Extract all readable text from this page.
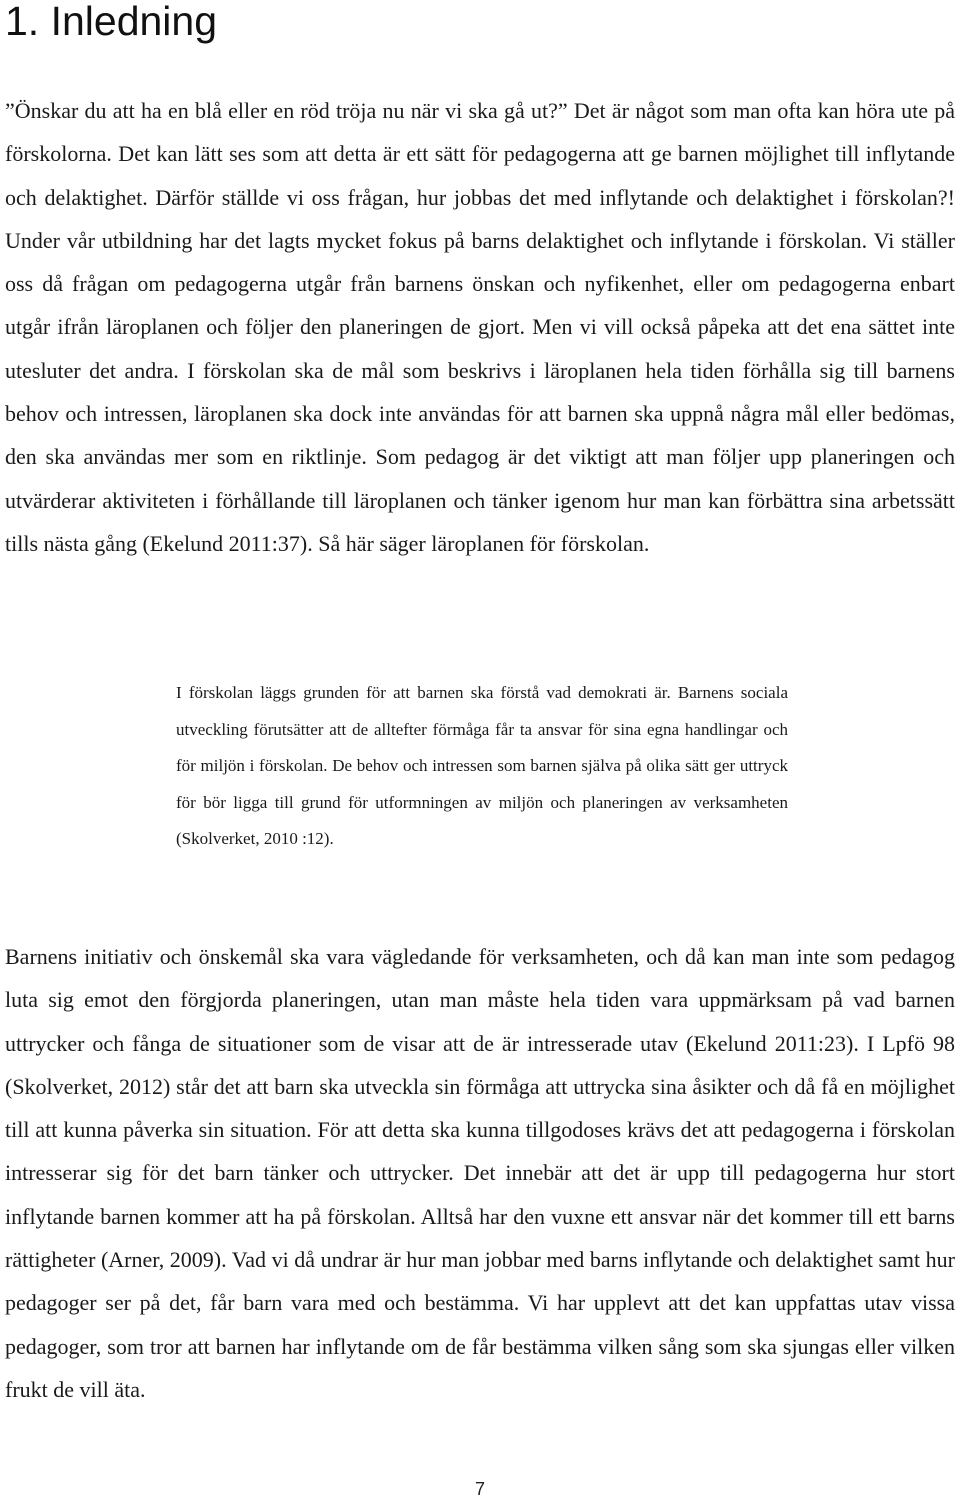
1. Inledning

”Önskar du att ha en blå eller en röd tröja nu när vi ska gå ut?” Det är något som man ofta kan höra ute på förskolorna. Det kan lätt ses som att detta är ett sätt för pedagogerna att ge barnen möjlighet till inflytande och delaktighet. Därför ställde vi oss frågan, hur jobbas det med inflytande och delaktighet i förskolan?! Under vår utbildning har det lagts mycket fokus på barns delaktighet och inflytande i förskolan. Vi ställer oss då frågan om pedagogerna utgår från barnens önskan och nyfikenhet, eller om pedagogerna enbart utgår ifrån läroplanen och följer den planeringen de gjort. Men vi vill också påpeka att det ena sättet inte utesluter det andra. I förskolan ska de mål som beskrivs i läroplanen hela tiden förhålla sig till barnens behov och intressen, läroplanen ska dock inte användas för att barnen ska uppnå några mål eller bedömas, den ska användas mer som en riktlinje. Som pedagog är det viktigt att man följer upp planeringen och utvärderar aktiviteten i förhållande till läroplanen och tänker igenom hur man kan förbättra sina arbetssätt tills nästa gång (Ekelund 2011:37). Så här säger läroplanen för förskolan.

I förskolan läggs grunden för att barnen ska förstå vad demokrati är. Barnens sociala utveckling förutsätter att de alltefter förmåga får ta ansvar för sina egna handlingar och för miljön i förskolan. De behov och intressen som barnen själva på olika sätt ger uttryck för bör ligga till grund för utformningen av miljön och planeringen av verksamheten (Skolverket, 2010 :12).

Barnens initiativ och önskemål ska vara vägledande för verksamheten, och då kan man inte som pedagog luta sig emot den förgjorda planeringen, utan man måste hela tiden vara uppmärksam på vad barnen uttrycker och fånga de situationer som de visar att de är intresserade utav (Ekelund 2011:23). I Lpfö 98 (Skolverket, 2012) står det att barn ska utveckla sin förmåga att uttrycka sina åsikter och då få en möjlighet till att kunna påverka sin situation. För att detta ska kunna tillgodoses krävs det att pedagogerna i förskolan intresserar sig för det barn tänker och uttrycker. Det innebär att det är upp till pedagogerna hur stort inflytande barnen kommer att ha på förskolan. Alltså har den vuxne ett ansvar när det kommer till ett barns rättigheter (Arner, 2009). Vad vi då undrar är hur man jobbar med barns inflytande och delaktighet samt hur pedagoger ser på det, får barn vara med och bestämma. Vi har upplevt att det kan uppfattas utav vissa pedagoger, som tror att barnen har inflytande om de får bestämma vilken sång som ska sjungas eller vilken frukt de vill äta.

7
